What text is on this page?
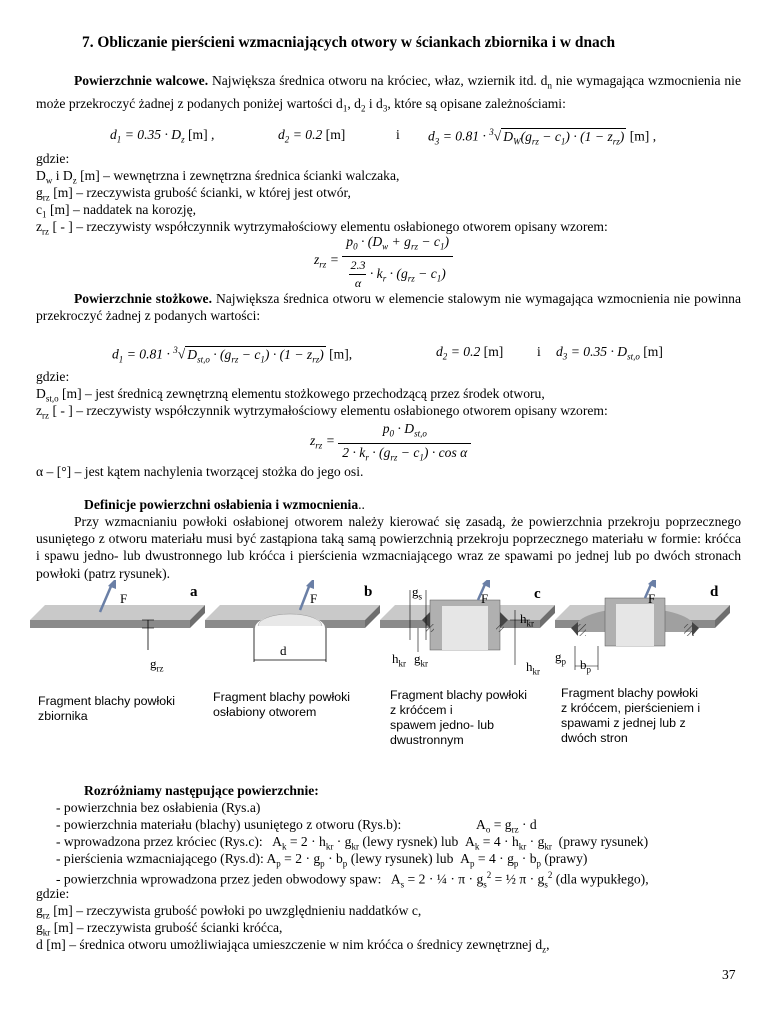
7. Obliczanie pierścieni wzmacniających otwory w ściankach zbiornika i w dnach
Powierzchnie walcowe. Największa średnica otworu na króciec, właz, wziernik itd. $d_n$ nie wymagająca wzmocnienia nie może przekroczyć żadnej z podanych poniżej wartości $d_1$, $d_2$ i $d_3$, które są opisane zależnościami:
$d_1 = 0.35 \cdot D_z$ [m] ,	$d_2 = 0.2$ [m]	i $d_3 = 0.81 \cdot ^3√$ $D_W(g_{rz} - c_1) \cdot (1 - z_{rz})$ [m] ,
gdzie:
$D_w$ i $D_z$ [m] – wewnętrzna i zewnętrzna średnica ścianki walczaka,
$g_{rz}$ [m] – rzeczywista grubość ścianki, w której jest otwór,
$c_1$ [m] – naddatek na korozję,
$z_{rz}$ [ - ] – rzeczywisty współczynnik wytrzymałościowy elementu osłabionego otworem opisany wzorem:
$z_{rz} = \frac{p_0 \cdot (D_w + g_{rz} - c_1)}{\frac{2.3}{\alpha} \cdot k_r \cdot (g_{rz} - c_1)}$
Powierzchnie stożkowe. Największa średnica otworu w elemencie stalowym nie wymagająca wzmocnienia nie powinna przekroczyć żadnej z podanych wartości:
$d_1 = 0.81 \cdot ^3√$ $D_{st,o} \cdot (g_{rz} - c_1) \cdot (1 - z_{rz})$ [m],	$d_2 = 0.2$ [m] i $d_3 = 0.35 \cdot D_{st,o}$ [m]
gdzie:
$D_{st,o}$ [m] – jest średnicą zewnętrzną elementu stożkowego przechodzącą przez środek otworu,
$z_{rz}$ [ - ] – rzeczywisty współczynnik wytrzymałościowy elementu osłabionego otworem opisany wzorem:
$z_{rz} = \frac{p_0 \cdot D_{st,o}}{2 \cdot k_r \cdot (g_{rz} - c_1) \cdot \cos \alpha}$
α – [°] – jest kątem nachylenia tworzącej stożka do jego osi.
Definicje powierzchni osłabienia i wzmocnienia..
Przy wzmacnianiu powłoki osłabionej otworem należy kierować się zasadą, że powierzchnia przekroju poprzecznego usuniętego z otworu materiału musi być zastąpiona taką samą powierzchnią przekroju poprzecznego materiału w formie: króćca i spawu jedno- lub dwustronnego lub króćca i pierścienia wzmacniającego wraz ze spawami po jednej lub po dwóch stronach powłoki (patrz rysunek).
a	b	c	d
F	F	F	F
$g_{rz}$
d
$g_s$
$h_{kr}$
$h_{kr}$ $g_{kr}$	$h_{kr}$
$g_p$ $b_p$
Fragment blachy powłoki
zbiornika
Fragment blachy powłoki
osłabiony otworem
Fragment blachy powłoki
z króćcem i
spawem jedno- lub
dwustronnym
Fragment blachy powłoki
z króćcem, pierścieniem i
spawami z jednej lub z
dwóch stron
Rozróżniamy następujące powierzchnie:
- powierzchnia bez osłabienia (Rys.a)
- powierzchnia materiału (blachy) usuniętego z otworu (Rys.b):	$A_o = g_{rz} \cdot d$
- wprowadzona przez króciec (Rys.c):   $A_k = 2 \cdot h_{kr} \cdot g_{kr}$ (lewy rysnek) lub  $A_k = 4 \cdot h_{kr} \cdot g_{kr}$  (prawy rysunek)
- pierścienia wzmacniającego (Rys.d): $A_p = 2 \cdot g_p \cdot b_p$ (lewy rysunek) lub  $A_p = 4 \cdot g_p \cdot b_p$ (prawy)
- powierzchnia wprowadzona przez jeden obwodowy spaw:   $A_s = 2$ · ¼ · $\pi \cdot g_s^2$ = ½ $\pi \cdot g_s^2$ (dla wypukłego),
gdzie:
$g_{rz}$ [m] – rzeczywista grubość powłoki po uwzględnieniu naddatków c,
$g_{kr}$ [m] – rzeczywista grubość ścianki króćca,
d [m] – średnica otworu umożliwiająca umieszczenie w nim króćca o średnicy zewnętrznej $d_z$,
37
